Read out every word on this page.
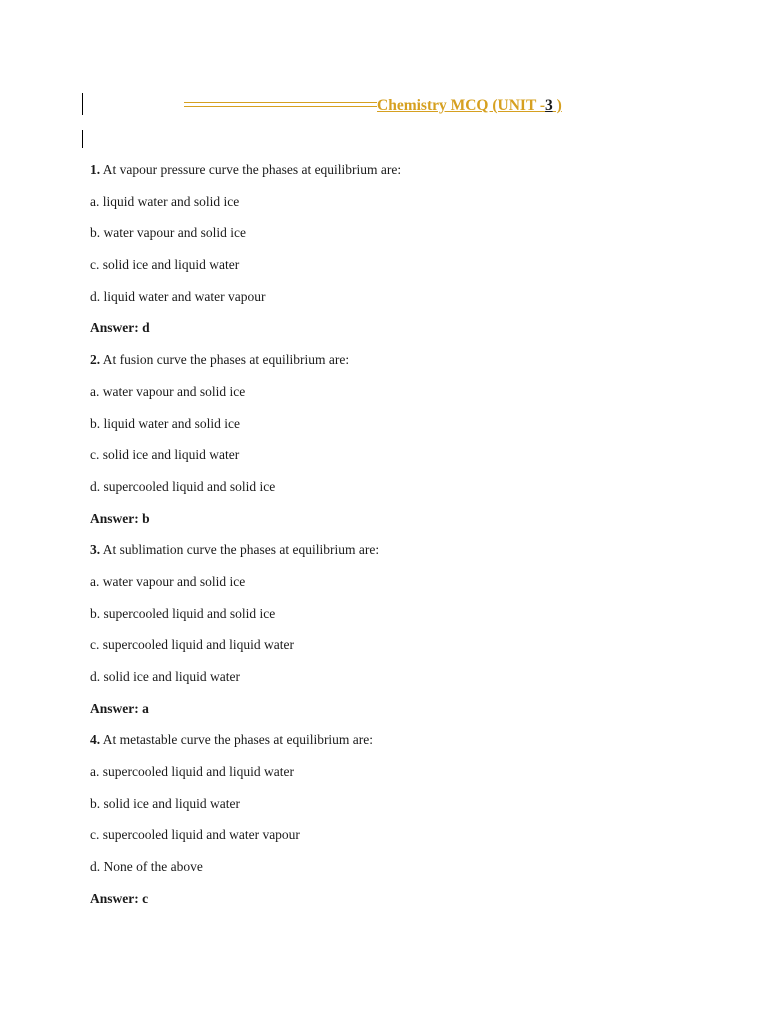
Chemistry MCQ (UNIT -3 )
1. At vapour pressure curve the phases at equilibrium are:
a. liquid water and solid ice
b. water vapour and solid ice
c. solid ice and liquid water
d. liquid water and water vapour
Answer: d
2. At fusion curve the phases at equilibrium are:
a. water vapour and solid ice
b. liquid water and solid ice
c. solid ice and liquid water
d. supercooled liquid and solid ice
Answer: b
3. At sublimation curve the phases at equilibrium are:
a. water vapour and solid ice
b. supercooled liquid and solid ice
c. supercooled liquid and liquid water
d. solid ice and liquid water
Answer: a
4. At metastable curve the phases at equilibrium are:
a. supercooled liquid and liquid water
b. solid ice and liquid water
c. supercooled liquid and water vapour
d. None of the above
Answer: c
